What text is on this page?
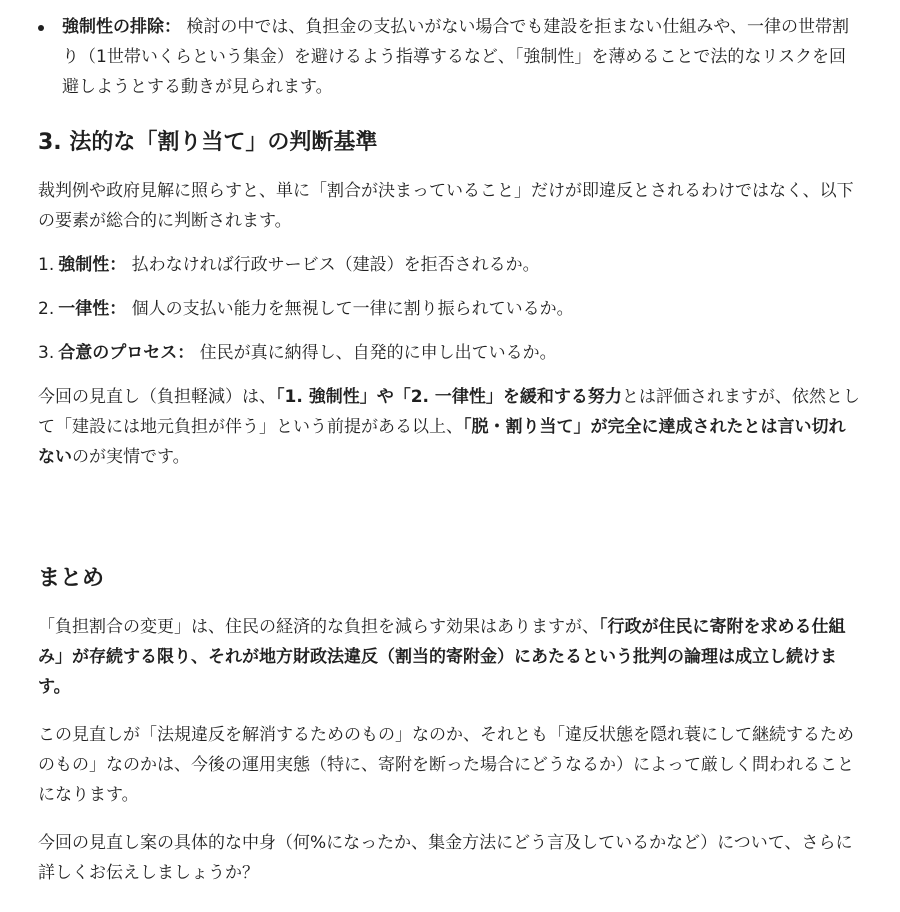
強制性の排除： 検討の中では、負担金の支払いがない場合でも建設を拒まない仕組みや、一律の世帯割り（1世帯いくらという集金）を避けるよう指導するなど、「強制性」を薄めることで法的なリスクを回避しようとする動きが見られます。
3. 法的な「割り当て」の判断基準

裁判例や政府見解に照らすと、単に「割合が決まっていること」だけが即違反とされるわけではなく、以下の要素が総合的に判断されます。

1. 強制性： 払わなければ行政サービス（建設）を拒否されるか。
2. 一律性： 個人の支払い能力を無視して一律に割り振られているか。
3. 合意のプロセス： 住民が真に納得し、自発的に申し出ているか。

今回の見直し（負担軽減）は、「1. 強制性」や「2. 一律性」を緩和する努力とは評価されますが、依然として「建設には地元負担が伴う」という前提がある以上、「脱・割り当て」が完全に達成されたとは言い切れないのが実情です。

まとめ

「負担割合の変更」は、住民の経済的な負担を減らす効果はありますが、「行政が住民に寄附を求める仕組み」が存続する限り、それが地方財政法違反（割当的寄附金）にあたるという批判の論理は成立し続けます。

この見直しが「法規違反を解消するためのもの」なのか、それとも「違反状態を隠れ蓑にして継続するためのもの」なのかは、今後の運用実態（特に、寄附を断った場合にどうなるか）によって厳しく問われることになります。

今回の見直し案の具体的な中身（何%になったか、集金方法にどう言及しているかなど）について、さらに詳しくお伝えしましょうか？
